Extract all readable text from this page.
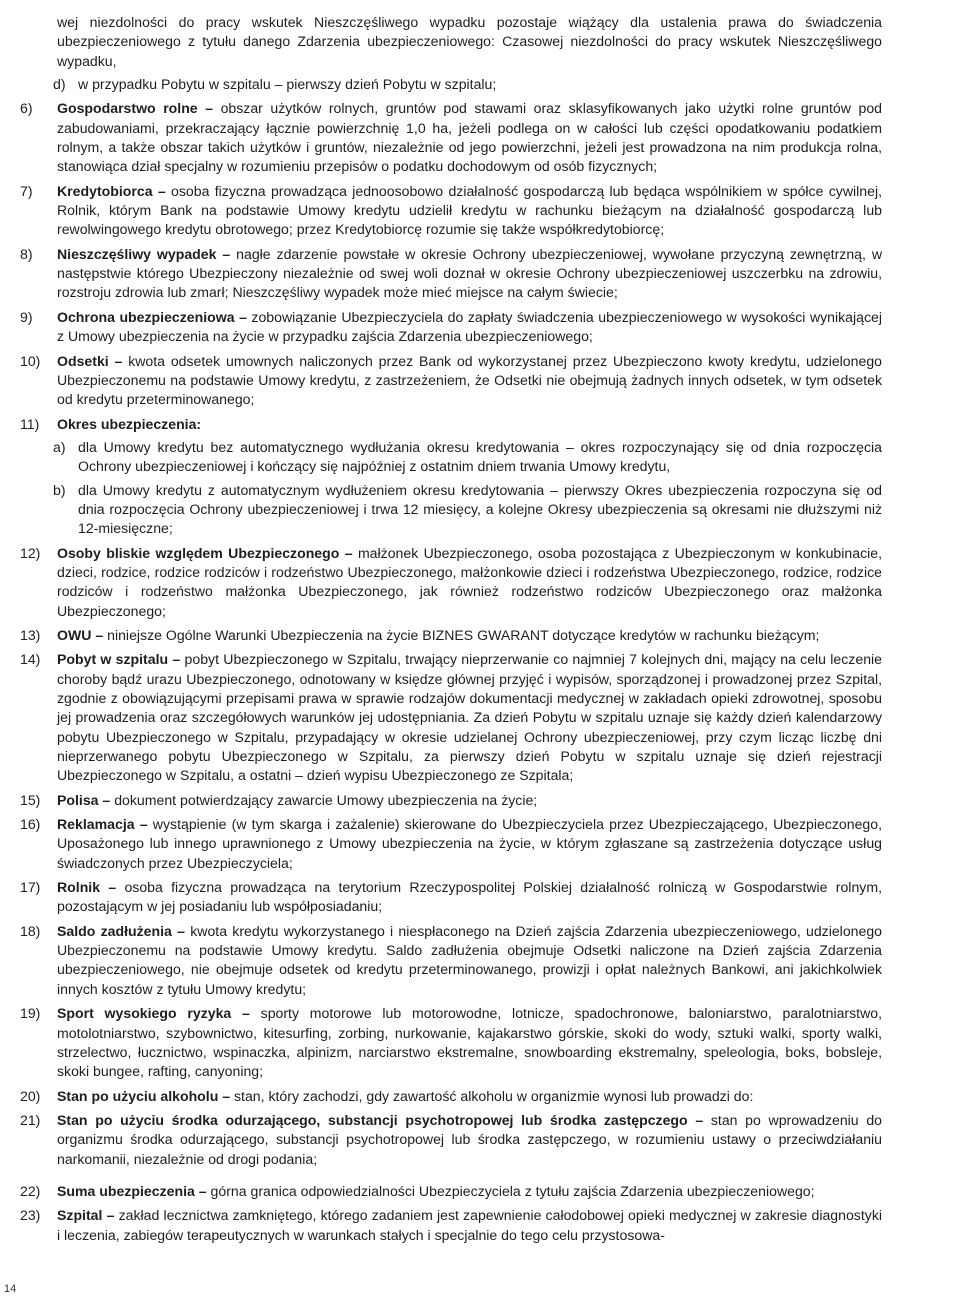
wej niezdolności do pracy wskutek Nieszczęśliwego wypadku pozostaje wiążący dla ustalenia prawa do świadczenia ubezpieczeniowego z tytułu danego Zdarzenia ubezpieczeniowego: Czasowej niezdolności do pracy wskutek Nieszczęśliwego wypadku,
d) w przypadku Pobytu w szpitalu – pierwszy dzień Pobytu w szpitalu;
6)	Gospodarstwo rolne – obszar użytków rolnych, gruntów pod stawami oraz sklasyfikowanych jako użytki rolne gruntów pod zabudowaniami, przekraczający łącznie powierzchnię 1,0 ha, jeżeli podlega on w całości lub części opodatkowaniu podatkiem rolnym, a także obszar takich użytków i gruntów, niezależnie od jego powierzchni, jeżeli jest prowadzona na nim produkcja rolna, stanowiąca dział specjalny w rozumieniu przepisów o podatku dochodowym od osób fizycznych;
7)	Kredytobiorca – osoba fizyczna prowadząca jednoosobowo działalność gospodarczą lub będąca wspólnikiem w spółce cywilnej, Rolnik, którym Bank na podstawie Umowy kredytu udzielił kredytu w rachunku bieżącym na działalność gospodarczą lub rewolwingowego kredytu obrotowego; przez Kredytobiorcę rozumie się także współkredytobiorcę;
8)	Nieszczęśliwy wypadek – nagłe zdarzenie powstałe w okresie Ochrony ubezpieczeniowej, wywołane przyczyną zewnętrzną, w następstwie którego Ubezpieczony niezależnie od swej woli doznał w okresie Ochrony ubezpieczeniowej uszczerbku na zdrowiu, rozstroju zdrowia lub zmarł; Nieszczęśliwy wypadek może mieć miejsce na całym świecie;
9)	Ochrona ubezpieczeniowa – zobowiązanie Ubezpieczyciela do zapłaty świadczenia ubezpieczeniowego w wysokości wynikającej z Umowy ubezpieczenia na życie w przypadku zajścia Zdarzenia ubezpieczeniowego;
10)	Odsetki – kwota odsetek umownych naliczonych przez Bank od wykorzystanej przez Ubezpieczono kwoty kredytu, udzielonego Ubezpieczonemu na podstawie Umowy kredytu, z zastrzeżeniem, że Odsetki nie obejmują żadnych innych odsetek, w tym odsetek od kredytu przeterminowanego;
11)	Okres ubezpieczenia:
a) dla Umowy kredytu bez automatycznego wydłużania okresu kredytowania – okres rozpoczynający się od dnia rozpoczęcia Ochrony ubezpieczeniowej i kończący się najpóźniej z ostatnim dniem trwania Umowy kredytu,
b) dla Umowy kredytu z automatycznym wydłużeniem okresu kredytowania – pierwszy Okres ubezpieczenia rozpoczyna się od dnia rozpoczęcia Ochrony ubezpieczeniowej i trwa 12 miesięcy, a kolejne Okresy ubezpieczenia są okresami nie dłuższymi niż 12-miesięczne;
12)	Osoby bliskie względem Ubezpieczonego – małżonek Ubezpieczonego, osoba pozostająca z Ubezpieczonym w konkubinacie, dzieci, rodzice, rodzice rodziców i rodzeństwo Ubezpieczonego, małżonkowie dzieci i rodzeństwa Ubezpieczonego, rodzice, rodzice rodziców i rodzeństwo małżonka Ubezpieczonego, jak również rodzeństwo rodziców Ubezpieczonego oraz małżonka Ubezpieczonego;
13)	OWU – niniejsze Ogólne Warunki Ubezpieczenia na życie BIZNES GWARANT dotyczące kredytów w rachunku bieżącym;
14)	Pobyt w szpitalu – pobyt Ubezpieczonego w Szpitalu, trwający nieprzerwanie co najmniej 7 kolejnych dni, mający na celu leczenie choroby bądź urazu Ubezpieczonego, odnotowany w księdze głównej przyjęć i wypisów, sporządzonej i prowadzonej przez Szpital, zgodnie z obowiązującymi przepisami prawa w sprawie rodzajów dokumentacji medycznej w zakładach opieki zdrowotnej, sposobu jej prowadzenia oraz szczegółowych warunków jej udostępniania. Za dzień Pobytu w szpitalu uznaje się każdy dzień kalendarzowy pobytu Ubezpieczonego w Szpitalu, przypadający w okresie udzielanej Ochrony ubezpieczeniowej, przy czym licząc liczbę dni nieprzerwanego pobytu Ubezpieczonego w Szpitalu, za pierwszy dzień Pobytu w szpitalu uznaje się dzień rejestracji Ubezpieczonego w Szpitalu, a ostatni – dzień wypisu Ubezpieczonego ze Szpitala;
15)	Polisa – dokument potwierdzający zawarcie Umowy ubezpieczenia na życie;
16)	Reklamacja – wystąpienie (w tym skarga i zażalenie) skierowane do Ubezpieczyciela przez Ubezpieczającego, Ubezpieczonego, Uposażonego lub innego uprawnionego z Umowy ubezpieczenia na życie, w którym zgłaszane są zastrzeżenia dotyczące usług świadczonych przez Ubezpieczyciela;
17)	Rolnik – osoba fizyczna prowadząca na terytorium Rzeczypospolitej Polskiej działalność rolniczą w Gospodarstwie rolnym, pozostającym w jej posiadaniu lub współposiadaniu;
18)	Saldo zadłużenia – kwota kredytu wykorzystanego i niespłaconego na Dzień zajścia Zdarzenia ubezpieczeniowego, udzielonego Ubezpieczonemu na podstawie Umowy kredytu. Saldo zadłużenia obejmuje Odsetki naliczone na Dzień zajścia Zdarzenia ubezpieczeniowego, nie obejmuje odsetek od kredytu przeterminowanego, prowizji i opłat należnych Bankowi, ani jakichkolwiek innych kosztów z tytułu Umowy kredytu;
19)	Sport wysokiego ryzyka – sporty motorowe lub motorowodne, lotnicze, spadochronowe, baloniarstwo, paralotniarstwo, motolotniarstwo, szybownictwo, kitesurfing, zorbing, nurkowanie, kajakarstwo górskie, skoki do wody, sztuki walki, sporty walki, strzelectwo, łucznictwo, wspinaczka, alpinizm, narciarstwo ekstremalne, snowboarding ekstremalny, speleologia, boks, bobsleje, skoki bungee, rafting, canyoning;
20)	Stan po użyciu alkoholu – stan, który zachodzi, gdy zawartość alkoholu w organizmie wynosi lub prowadzi do:
21)	Stan po użyciu środka odurzającego, substancji psychotropowej lub środka zastępczego – stan po wprowadzeniu do organizmu środka odurzającego, substancji psychotropowej lub środka zastępczego, w rozumieniu ustawy o przeciwdziałaniu narkomanii, niezależnie od drogi podania;
22)	Suma ubezpieczenia – górna granica odpowiedzialności Ubezpieczyciela z tytułu zajścia Zdarzenia ubezpieczeniowego;
23)	Szpital – zakład lecznictwa zamkniętego, którego zadaniem jest zapewnienie całodobowej opieki medycznej w zakresie diagnostyki i leczenia, zabiegów terapeutycznych w warunkach stałych i specjalnie do tego celu przystosowa-
14
